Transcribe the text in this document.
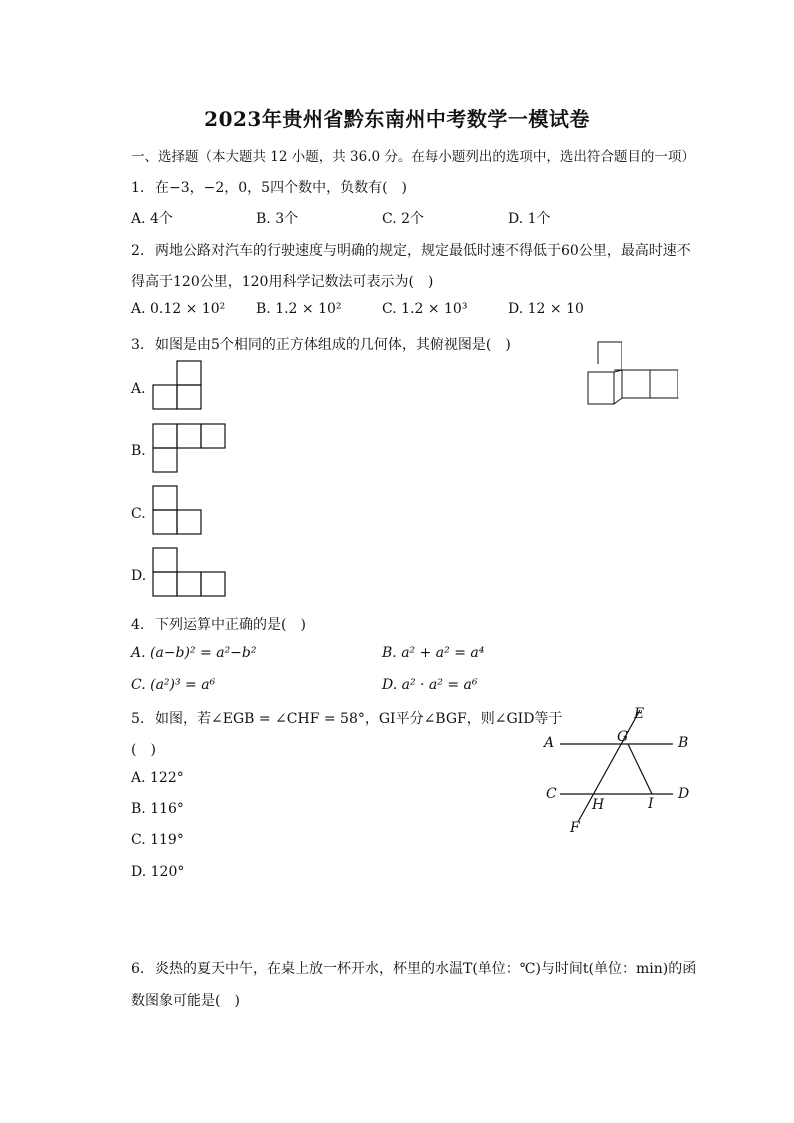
2023年贵州省黔东南州中考数学一模试卷
一、选择题（本大题共 12 小题，共 36.0 分。在每小题列出的选项中，选出符合题目的一项）
1. 在−3，−2，0，5四个数中，负数有(　)
A. 4个	B. 3个	C. 2个	D. 1个
2. 两地公路对汽车的行驶速度与明确的规定，规定最低时速不得低于60公里，最高时速不
得高于120公里，120用科学记数法可表示为(　)
A. 0.12 × 10² B. 1.2 × 10²	C. 1.2 × 10³	D. 12 × 10
3. 如图是由5个相同的正方体组成的几何体，其俯视图是(　)
A.
B.
C.
D.
4. 下列运算中正确的是(　)
A. (a−b)² = a²−b²	B. a² + a² = a⁴
C. (a²)³ = a⁶	D. a² · a² = a⁶
5. 如图，若∠EGB = ∠CHF = 58°，GI平分∠BGF，则∠GID等于
(　)
A. 122°
B. 116°
C. 119°
D. 120°
A	B
C	D
E
F
G
H	I
6. 炎热的夏天中午，在桌上放一杯开水，杯里的水温T(单位：℃)与时间t(单位：min)的函
数图象可能是(　)
